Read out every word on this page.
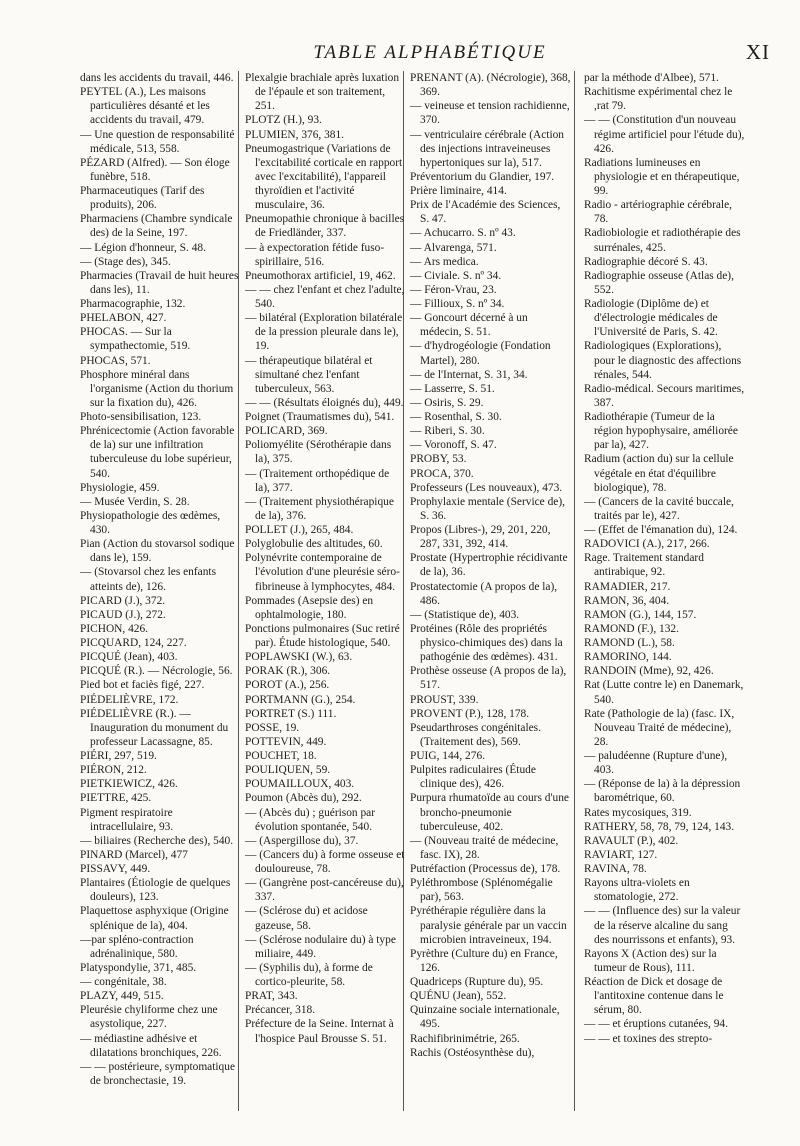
TABLE ALPHABÉTIQUE	XI

dans les accidents du travail, 446.

PEYTEL (A.), Les maisons particulières désanté et les accidents du travail, 479.

— Une question de responsabilité médicale, 513, 558.

PÉZARD (Alfred). — Son éloge funèbre, 518.

Pharmaceutiques (Tarif des produits), 206.

Pharmaciens (Chambre syndicale des) de la Seine, 197.

— Légion d'honneur, S. 48.

— (Stage des), 345.

Pharmacies (Travail de huit heures dans les), 11.

Pharmacographie, 132.

PHELABON, 427.

PHOCAS. — Sur la sympathectomie, 519.

PHOCAS, 571.

Phosphore minéral dans l'organisme (Action du thorium sur la fixation du), 426.

Photo-sensibilisation, 123.

Phrénicectomie (Action favorable de la) sur une infiltration tuberculeuse du lobe supérieur, 540.

Physiologie, 459.

— Musée Verdin, S. 28.

Physiopathologie des œdèmes, 430.

Pian (Action du stovarsol sodique dans le), 159.

— (Stovarsol chez les enfants atteints de), 126.

PICARD (J.), 372.

PICAUD (J.), 272.

PICHON, 426.

PICQUARD, 124, 227.

PICQUÉ (Jean), 403.

PICQUÉ (R.). — Nécrologie, 56.

Pied bot et faciès figé, 227.

PIÉDELIÈVRE, 172.

PIÉDELIÈVRE (R.). — Inauguration du monument du professeur Lacassagne, 85.

PIÉRI, 297, 519.

PIÉRON, 212.

PIETKIEWICZ, 426.

PIETTRE, 425.

Pigment respiratoire intracellulaire, 93.

— biliaires (Recherche des), 540.

PINARD (Marcel), 477

PISSAVY, 449.

Plantaires (Étiologie de quelques douleurs), 123.

Plaquettose asphyxique (Origine splénique de la), 404.

—par spléno-contraction adrénalinique, 580.

Platyspondylie, 371, 485.

— congénitale, 38.

PLAZY, 449, 515.

Pleurésie chyliforme chez une asystolique, 227.

— médiastine adhésive et dilatations bronchiques, 226.

— — postérieure, symptomatique de bronchectasie, 19.

Plexalgie brachiale après luxation de l'épaule et son traitement, 251.

PLOTZ (H.), 93.

PLUMIEN, 376, 381.

Pneumogastrique (Variations de l'excitabilité corticale en rapport avec l'excitabilité), l'appareil thyroïdien et l'activité musculaire, 36.

Pneumopathie chronique à bacilles de Friedländer, 337.

— à expectoration fétide fuso-spirillaire, 516.

Pneumothorax artificiel, 19, 462.

— — chez l'enfant et chez l'adulte, 540.

— bilatéral (Exploration bilatérale de la pression pleurale dans le), 19.

— thérapeutique bilatéral et simultané chez l'enfant tuberculeux, 563.

— — (Résultats éloignés du), 449.

Poignet (Traumatismes du), 541.

POLICARD, 369.

Poliomyélite (Sérothérapie dans la), 375.

— (Traitement orthopédique de la), 377.

— (Traitement physiothérapique de la), 376.

POLLET (J.), 265, 484.

Polyglobulie des altitudes, 60.

Polynévrite contemporaine de l'évolution d'une pleurésie séro-fibrineuse à lymphocytes, 484.

Pommades (Asepsie des) en ophtalmologie, 180.

Ponctions pulmonaires (Suc retiré par). Étude histologique, 540.

POPLAWSKI (W.), 63.

PORAK (R.), 306.

POROT (A.), 256.

PORTMANN (G.), 254.

PORTRET (S.) 111.

POSSE, 19.

POTTEVIN, 449.

POUCHET, 18.

POULIQUEN, 59.

POUMAILLOUX, 403.

Poumon (Abcès du), 292.

— (Abcès du) ; guérison par évolution spontanée, 540.

— (Aspergillose du), 37.

— (Cancers du) à forme osseuse et douloureuse, 78.

— (Gangrène post-cancéreuse du), 337.

— (Sclérose du) et acidose gazeuse, 58.

— (Sclérose nodulaire du) à type miliaire, 449.

— (Syphilis du), à forme de cortico-pleurite, 58.

PRAT, 343.

Précancer, 318.

Préfecture de la Seine. Internat à l'hospice Paul Brousse S. 51.

PRENANT (A). (Nécrologie), 368, 369.

— veineuse et tension rachidienne, 370.

— ventriculaire cérébrale (Action des injections intraveineuses hypertoniques sur la), 517.

Préventorium du Glandier, 197.

Prière liminaire, 414.

Prix de l'Académie des Sciences, S. 47.

— Achucarro. S. nº 43.

— Alvarenga, 571.

— Ars medica.

— Civiale. S. nº 34.

— Féron-Vrau, 23.

— Fillioux, S. nº 34.

— Goncourt décerné à un médecin, S. 51.

— d'hydrogéologie (Fondation Martel), 280.

— de l'Internat, S. 31, 34.

— Lasserre, S. 51.

— Osiris, S. 29.

— Rosenthal, S. 30.

— Riberi, S. 30.

— Voronoff, S. 47.

PROBY, 53.

PROCA, 370.

Professeurs (Les nouveaux), 473.

Prophylaxie mentale (Service de), S. 36.

Propos (Libres-), 29, 201, 220, 287, 331, 392, 414.

Prostate (Hypertrophie récidivante de la), 36.

Prostatectomie (A propos de la), 486.

— (Statistique de), 403.

Protéines (Rôle des propriétés physico-chimiques des) dans la pathogénie des œdèmes). 431.

Prothèse osseuse (A propos de la), 517.

PROUST, 339.

PROVENT (P.), 128, 178.

Pseudarthroses congénitales. (Traitement des), 569.

PUIG, 144, 276.

Pulpites radiculaires (Étude clinique des), 426.

Purpura rhumatoïde au cours d'une broncho-pneumonie tuberculeuse, 402.

— (Nouveau traité de médecine, fasc. IX), 28.

Putréfaction (Processus de), 178.

Pyléthrombose (Splénomégalie par), 563.

Pyréthérapie régulière dans la paralysie générale par un vaccin microbien intraveineux, 194.

Pyrèthre (Culture du) en France, 126.

Quadriceps (Rupture du), 95.

QUÉNU (Jean), 552.

Quinzaine sociale internationale, 495.

Rachifibrinimétrie, 265.

Rachis (Ostéosynthèse du),

par la méthode d'Albee), 571.

Rachitisme expérimental chez le ,rat 79.

— — (Constitution d'un nouveau régime artificiel pour l'étude du), 426.

Radiations lumineuses en physiologie et en thérapeutique, 99.

Radio - artériographie cérébrale, 78.

Radiobiologie et radiothérapie des surrénales, 425.

Radiographie décoré S. 43.

Radiographie osseuse (Atlas de), 552.

Radiologie (Diplôme de) et d'électrologie médicales de l'Université de Paris, S. 42.

Radiologiques (Explorations), pour le diagnostic des affections rénales, 544.

Radio-médical. Secours maritimes, 387.

Radiothérapie (Tumeur de la région hypophysaire, améliorée par la), 427.

Radium (action du) sur la cellule végétale en état d'équilibre biologique), 78.

— (Cancers de la cavité buccale, traités par le), 427.

— (Effet de l'émanation du), 124.

RADOVICI (A.), 217, 266.

Rage. Traitement standard antirabique, 92.

RAMADIER, 217.

RAMON, 36, 404.

RAMON (G.), 144, 157.

RAMOND (F.), 132.

RAMOND (L.), 58.

RAMORINO, 144.

RANDOIN (Mme), 92, 426.

Rat (Lutte contre le) en Danemark, 540.

Rate (Pathologie de la) (fasc. IX, Nouveau Traité de médecine), 28.

— paludéenne (Rupture d'une), 403.

— (Réponse de la) à la dépression barométrique, 60.

Rates mycosiques, 319.

RATHERY, 58, 78, 79, 124, 143.

RAVAULT (P.), 402.

RAVIART, 127.

RAVINA, 78.

Rayons ultra-violets en stomatologie, 272.

— — (Influence des) sur la valeur de la réserve alcaline du sang des nourrissons et enfants), 93.

Rayons X (Action des) sur la tumeur de Rous), 111.

Réaction de Dick et dosage de l'antitoxine contenue dans le sérum, 80.

— — et éruptions cutanées, 94.

— — et toxines des strepto-
